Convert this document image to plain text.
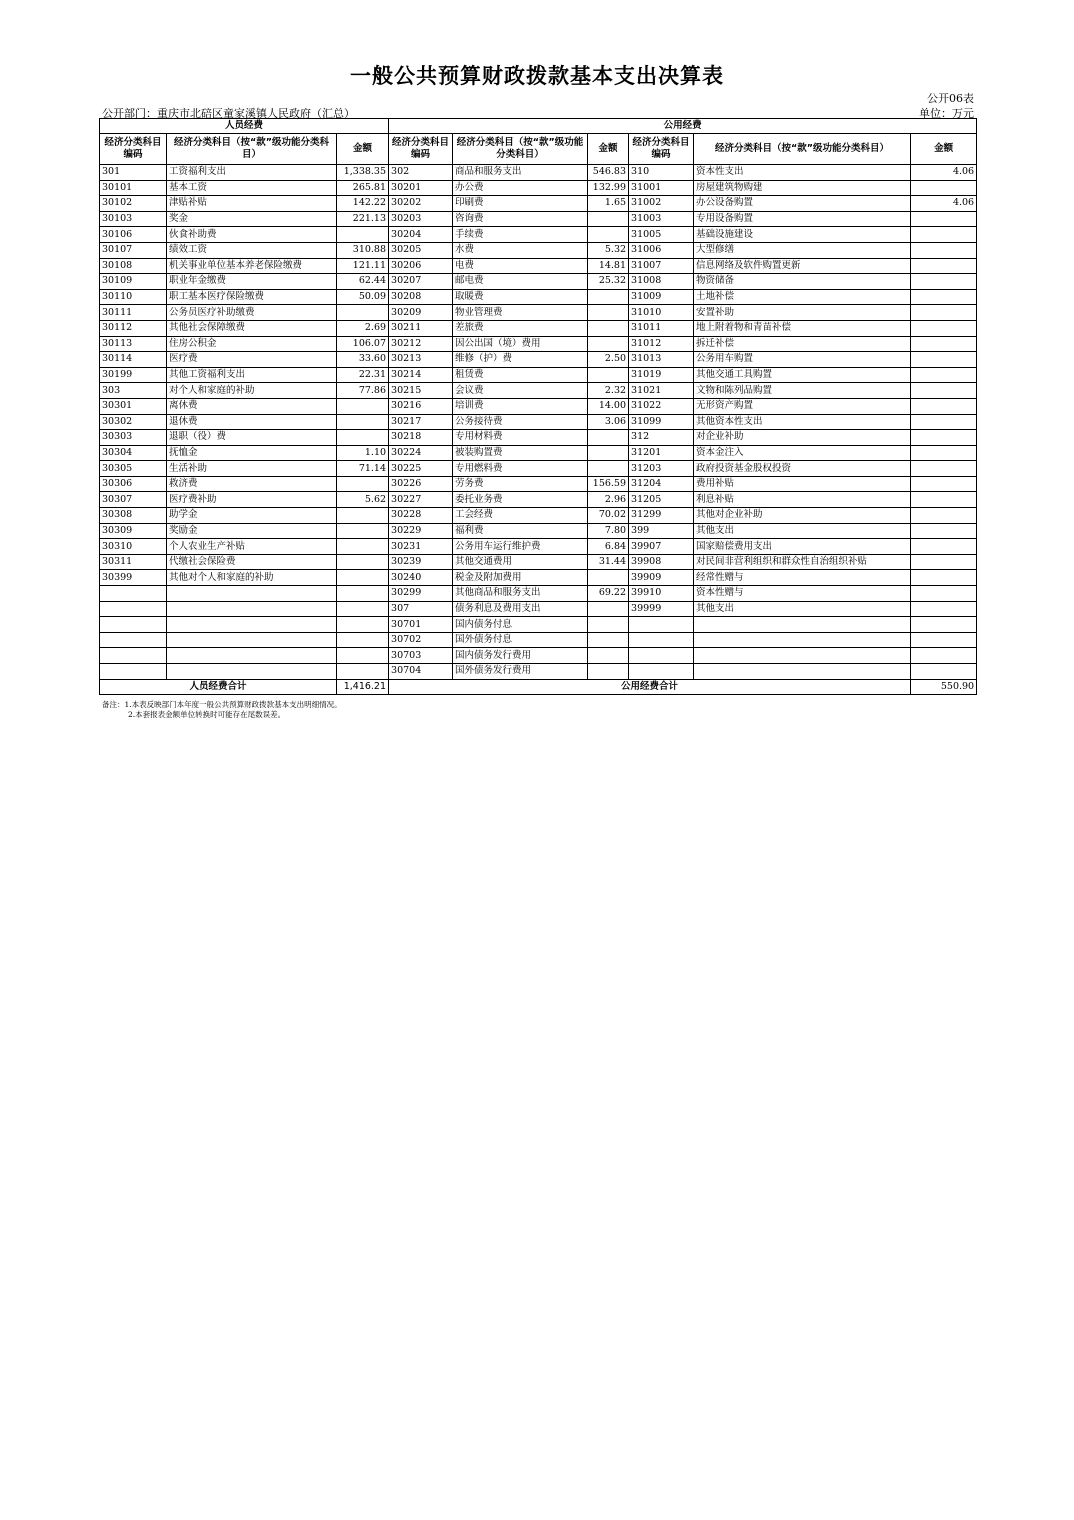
一般公共预算财政拨款基本支出决算表
公开06表
公开部门：重庆市北碚区童家溪镇人民政府（汇总）	单位：万元
人员经费			公用经费					
经济分类科目编码	经济分类科目（按“款”级功能分类科目）	金额	经济分类科目编码	经济分类科目（按“款”级功能分类科目）	金额	经济分类科目编码	经济分类科目（按“款”级功能分类科目）	金额
301	工资福利支出	1,338.35	302	商品和服务支出	546.83	310	资本性支出	4.06
30101	基本工资	265.81	30201	办公费	132.99	31001	房屋建筑物购建	
30102	津贴补贴	142.22	30202	印刷费	1.65	31002	办公设备购置	4.06
30103	奖金	221.13	30203	咨询费		31003	专用设备购置	
30106	伙食补助费		30204	手续费		31005	基础设施建设	
30107	绩效工资	310.88	30205	水费	5.32	31006	大型修缮	
30108	机关事业单位基本养老保险缴费	121.11	30206	电费	14.81	31007	信息网络及软件购置更新	
30109	职业年金缴费	62.44	30207	邮电费	25.32	31008	物资储备	
30110	职工基本医疗保险缴费	50.09	30208	取暖费		31009	土地补偿	
30111	公务员医疗补助缴费		30209	物业管理费		31010	安置补助	
30112	其他社会保障缴费	2.69	30211	差旅费		31011	地上附着物和青苗补偿	
30113	住房公积金	106.07	30212	因公出国（境）费用		31012	拆迁补偿	
30114	医疗费	33.60	30213	维修（护）费	2.50	31013	公务用车购置	
30199	其他工资福利支出	22.31	30214	租赁费		31019	其他交通工具购置	
303	对个人和家庭的补助	77.86	30215	会议费	2.32	31021	文物和陈列品购置	
30301	离休费		30216	培训费	14.00	31022	无形资产购置	
30302	退休费		30217	公务接待费	3.06	31099	其他资本性支出	
30303	退职（役）费		30218	专用材料费		312	对企业补助	
30304	抚恤金	1.10	30224	被装购置费		31201	资本金注入	
30305	生活补助	71.14	30225	专用燃料费		31203	政府投资基金股权投资	
30306	救济费		30226	劳务费	156.59	31204	费用补贴	
30307	医疗费补助	5.62	30227	委托业务费	2.96	31205	利息补贴	
30308	助学金		30228	工会经费	70.02	31299	其他对企业补助	
30309	奖励金		30229	福利费	7.80	399	其他支出	
30310	个人农业生产补贴		30231	公务用车运行维护费	6.84	39907	国家赔偿费用支出	
30311	代缴社会保险费		30239	其他交通费用	31.44	39908	对民间非营利组织和群众性自治组织补贴	
30399	其他对个人和家庭的补助		30240	税金及附加费用		39909	经常性赠与	
			30299	其他商品和服务支出	69.22	39910	资本性赠与	
			307	债务利息及费用支出		39999	其他支出	
			30701	国内债务付息				
			30702	国外债务付息				
			30703	国内债务发行费用				
			30704	国外债务发行费用				
人员经费合计		1,416.21	公用经费合计					550.90
备注：1.本表反映部门本年度一般公共预算财政拨款基本支出明细情况。
2.本套报表金额单位转换时可能存在尾数误差。
